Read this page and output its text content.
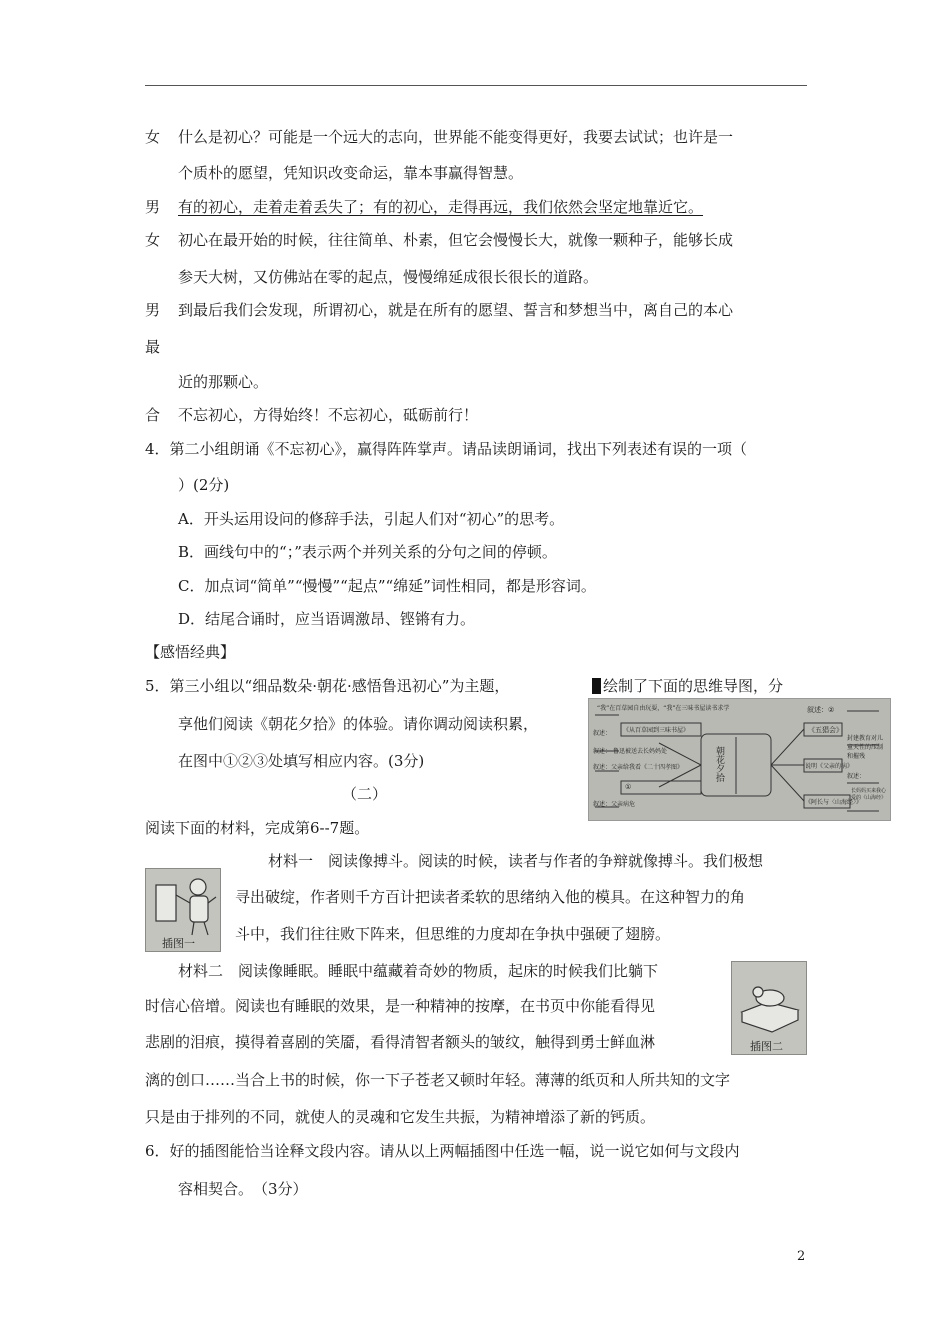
女 什么是初心？可能是一个远大的志向，世界能不能变得更好，我要去试试；也许是一
个质朴的愿望，凭知识改变命运，靠本事赢得智慧。
男 有的初心，走着走着丢失了；有的初心，走得再远，我们依然会坚定地靠近它。
女 初心在最开始的时候，往往简单、朴素，但它会慢慢长大，就像一颗种子，能够长成
参天大树，又仿佛站在零的起点，慢慢绵延成很长很长的道路。
男 到最后我们会发现，所谓初心，就是在所有的愿望、誓言和梦想当中，离自己的本心
最
近的那颗心。
合 不忘初心，方得始终！不忘初心，砥砺前行！
4．第二小组朗诵《不忘初心》，赢得阵阵掌声。请品读朗诵词，找出下列表述有误的一项（
）(2分)
A．开头运用设问的修辞手法，引起人们对“初心”的思考。
B．画线句中的“；”表示两个并列关系的分句之间的停顿。
C．加点词“简单”“慢慢”“起点”“绵延”词性相同，都是形容词。
D．结尾合诵时，应当语调激昂、铿锵有力。
【感悟经典】
5．第三小组以“细品数朵·朝花·感悟鲁迅初心”为主题，	绘制了下面的思维导图，分
享他们阅读《朝花夕拾》的体验。请你调动阅读积累，
在图中①②③处填写相应内容。(3分)	朝花夕拾
“我”在百草园自由玩耍，“我”在三味书屋读书求学
《从百草园到三味书屋》
叙述：
叙述： 鲁迅被送去长妈妈处
叙述：父亲给我看《二十四孝图》
叙述：②
《五猖会》
封建教育对儿童天性的压制和摧残
①
叙述：父亲病危
说明《父亲的病》
叙述：
长妈妈买来我心爱的《山海经》
《阿长与〈山海经〉》
（二）
阅读下面的材料，完成第6--7题。
插图一
材料一　阅读像搏斗。阅读的时候，读者与作者的争辩就像搏斗。我们极想
寻出破绽，作者则千方百计把读者柔软的思绪纳入他的模具。在这种智力的角
斗中，我们往往败下阵来，但思维的力度却在争执中强硬了翅膀。
插图二
材料二　阅读像睡眠。睡眠中蕴藏着奇妙的物质，起床的时候我们比躺下
时信心倍增。阅读也有睡眠的效果，是一种精神的按摩，在书页中你能看得见
悲剧的泪痕，摸得着喜剧的笑靥，看得清智者额头的皱纹，触得到勇士鲜血淋
漓的创口……当合上书的时候，你一下子苍老又顿时年轻。薄薄的纸页和人所共知的文字
只是由于排列的不同，就使人的灵魂和它发生共振，为精神增添了新的钙质。
6．好的插图能恰当诠释文段内容。请从以上两幅插图中任选一幅，说一说它如何与文段内
容相契合。　（3分）
2
